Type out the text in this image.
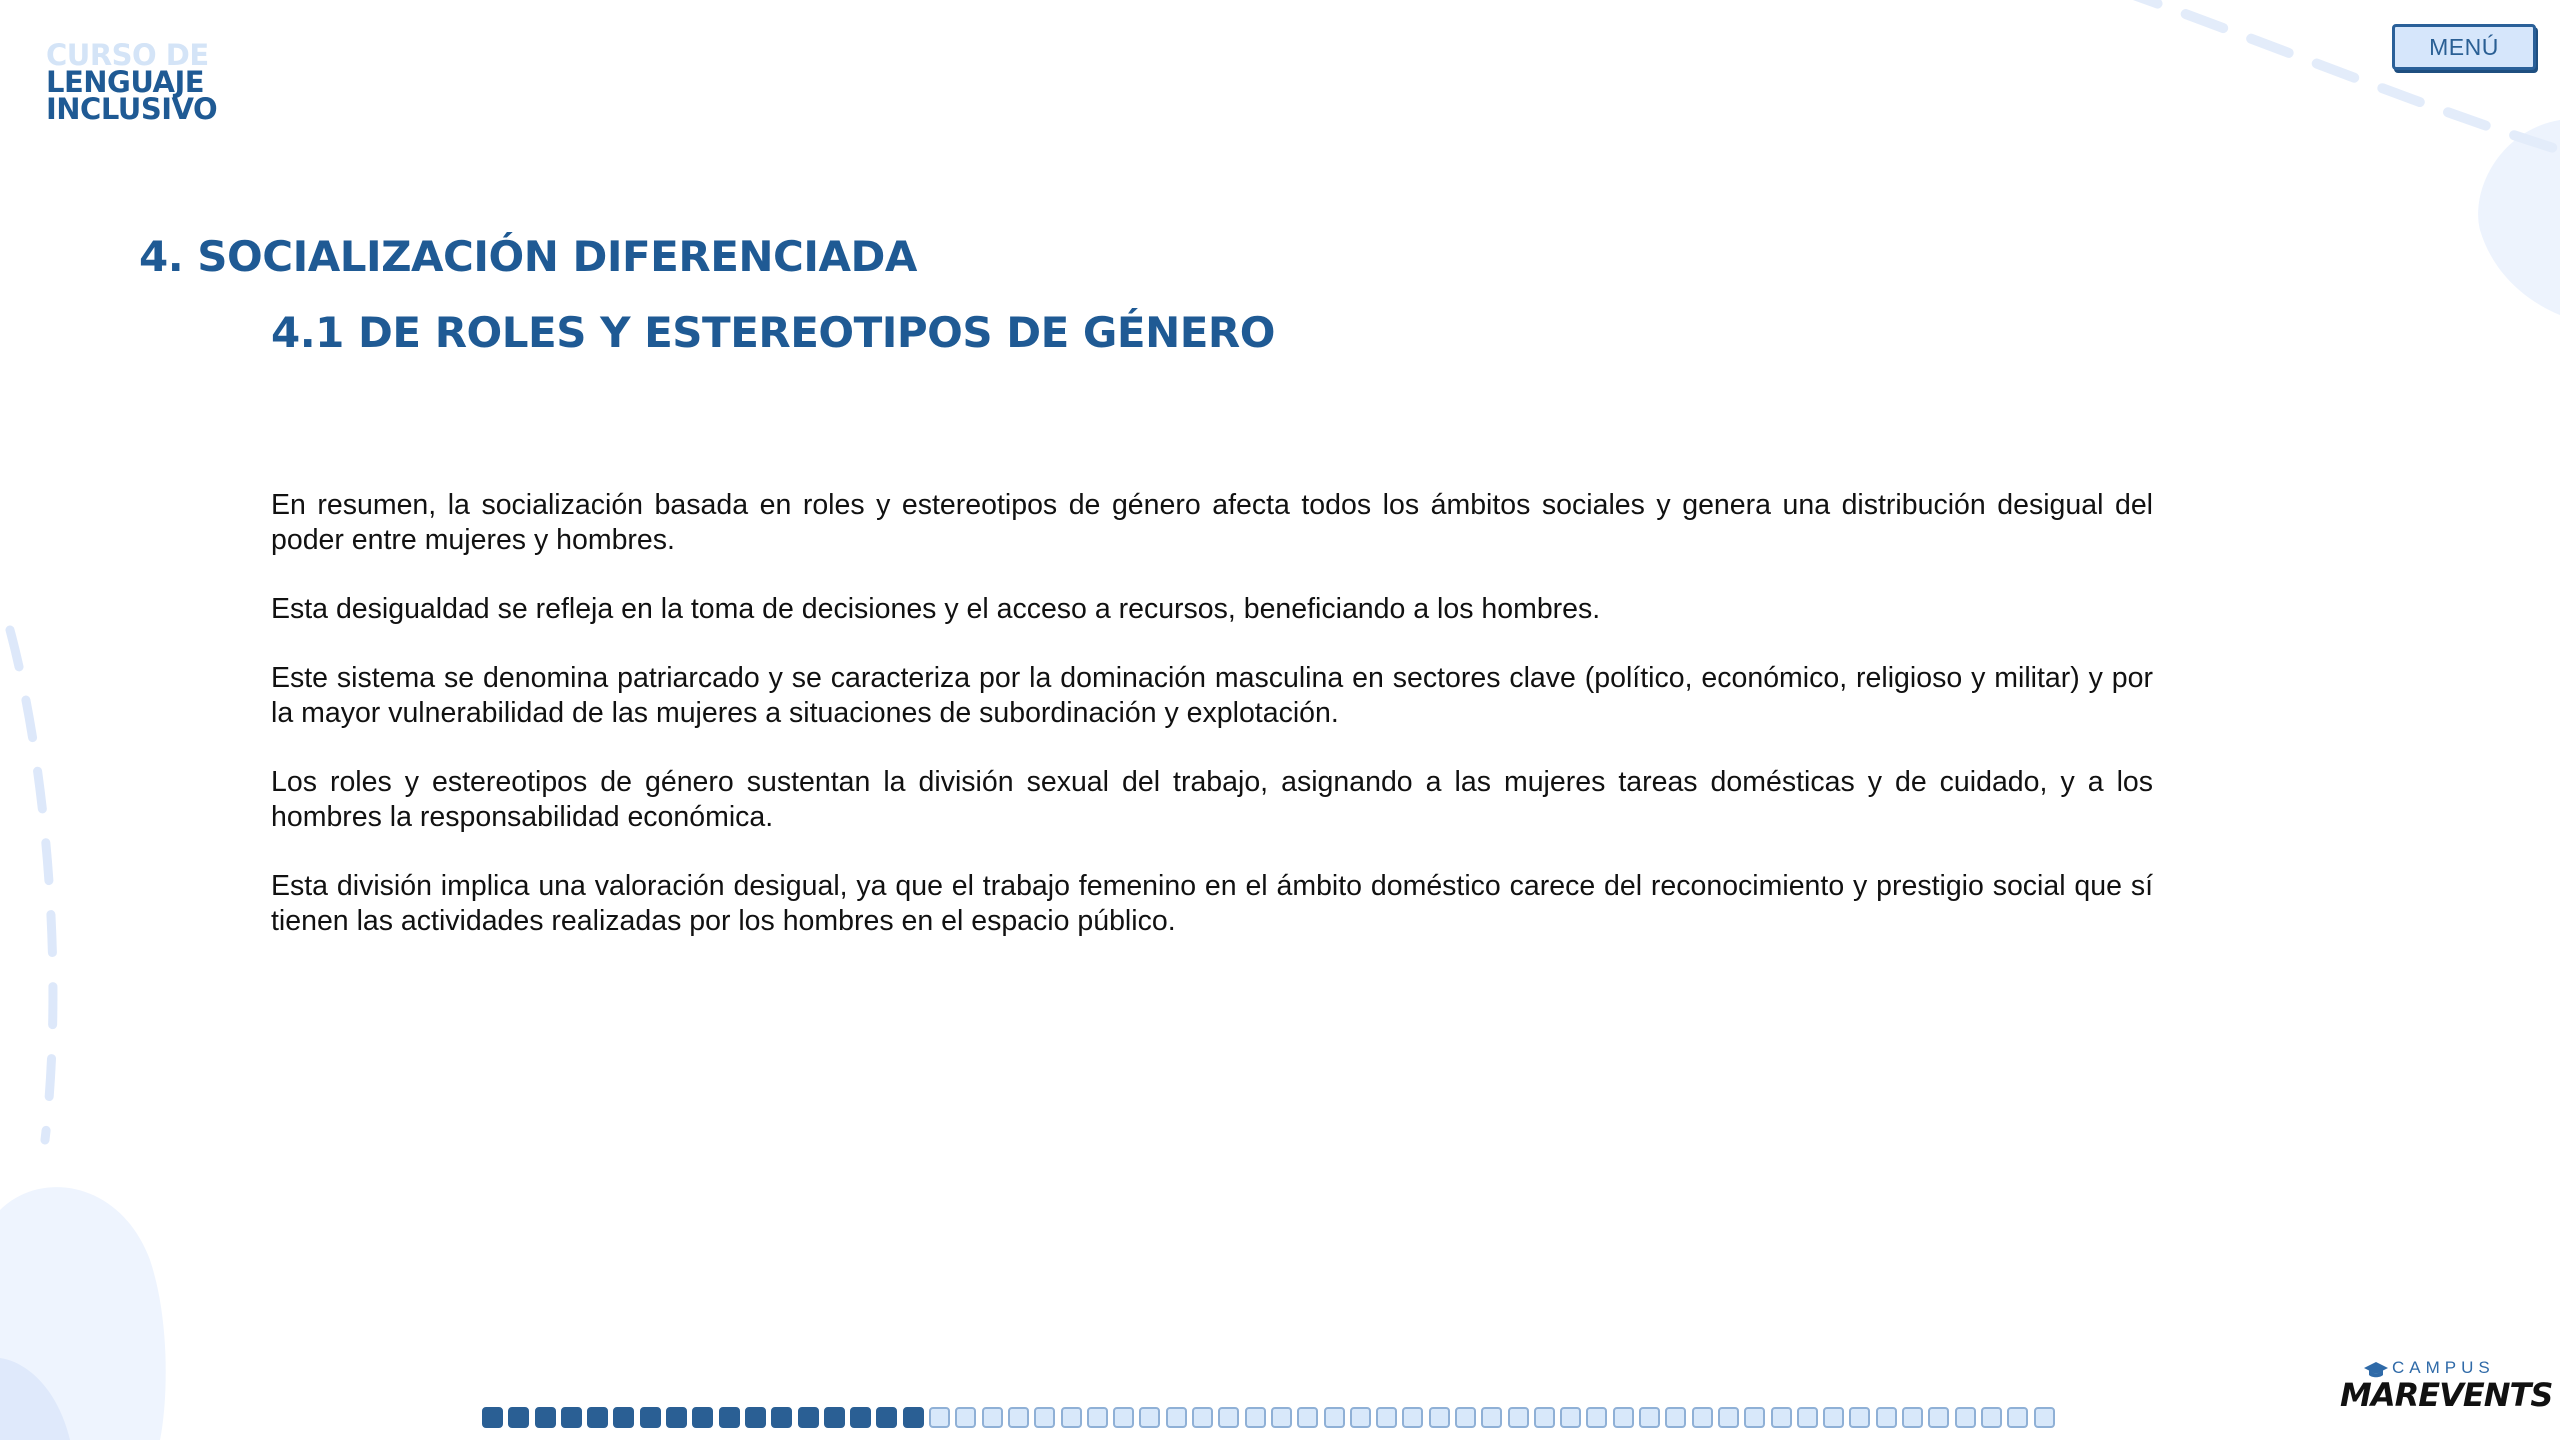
CURSO DE
LENGUAJE
INCLUSIVO
MENÚ
4. SOCIALIZACIÓN DIFERENCIADA
4.1 DE ROLES Y ESTEREOTIPOS DE GÉNERO

En resumen, la socialización basada en roles y estereotipos de género afecta todos los ámbitos sociales y genera una distribución desigual del poder entre mujeres y hombres.

Esta desigualdad se refleja en la toma de decisiones y el acceso a recursos, beneficiando a los hombres.

Este sistema se denomina patriarcado y se caracteriza por la dominación masculina en sectores clave (político, económico, religioso y militar) y por la mayor vulnerabilidad de las mujeres a situaciones de subordinación y explotación.

Los roles y estereotipos de género sustentan la división sexual del trabajo, asignando a las mujeres tareas domésticas y de cuidado, y a los hombres la responsabilidad económica.

Esta división implica una valoración desigual, ya que el trabajo femenino en el ámbito doméstico carece del reconocimiento y prestigio social que sí tienen las actividades realizadas por los hombres en el espacio público.

CAMPUS
MAREVENTS
